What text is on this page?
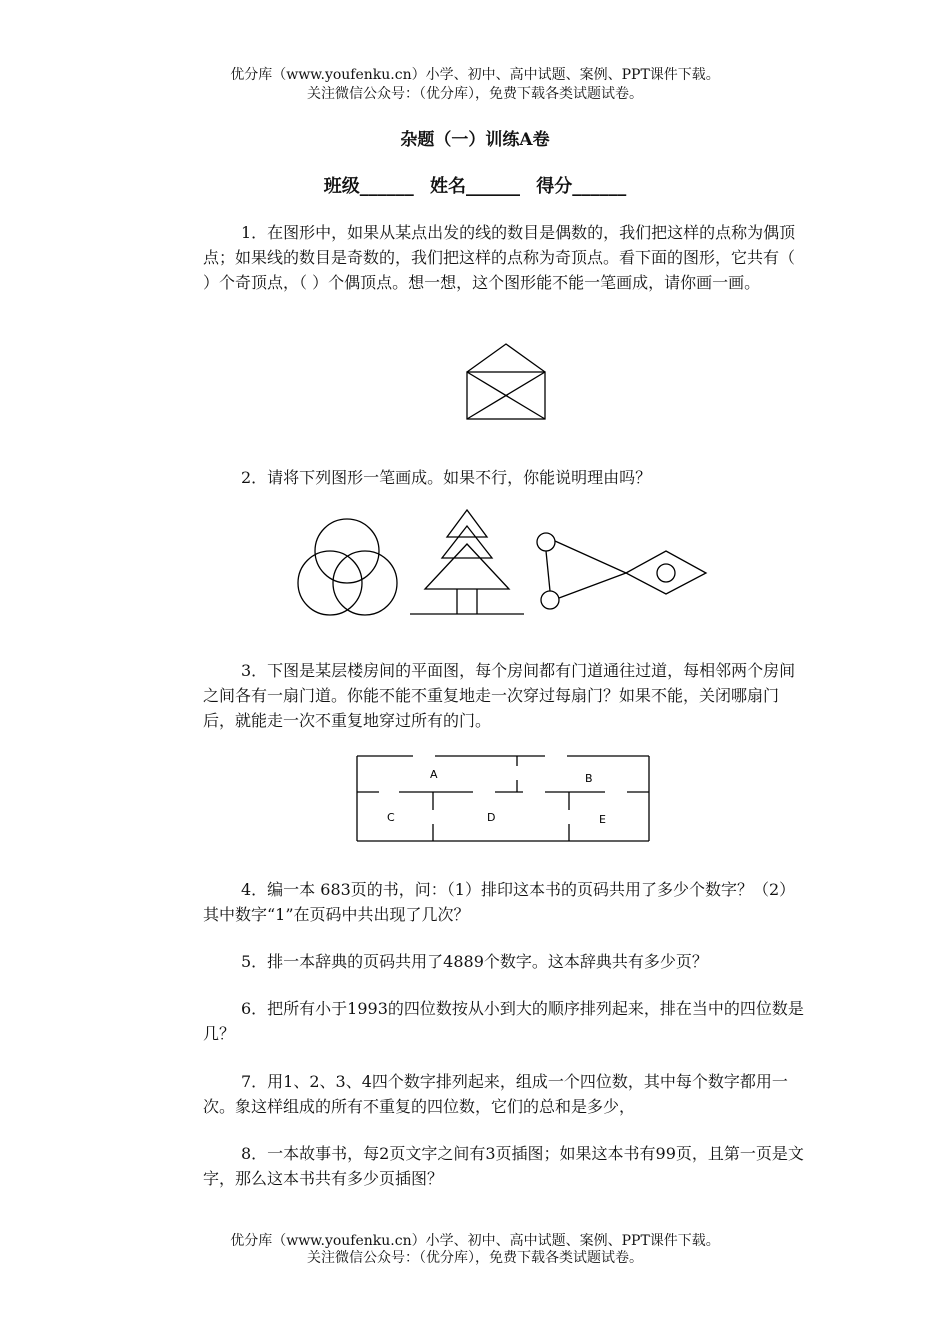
优分库（www.youfenku.cn）小学、初中、高中试题、案例、PPT课件下载。
关注微信公众号：（优分库），免费下载各类试题试卷。
杂题（一）训练A卷
班级______ 姓名______ 得分______

1．在图形中，如果从某点出发的线的数目是偶数的，我们把这样的点称为偶顶点；如果线的数目是奇数的，我们把这样的点称为奇顶点。看下面的图形，它共有（ ）个奇顶点，（ ）个偶顶点。想一想，这个图形能不能一笔画成，请你画一画。

2．请将下列图形一笔画成。如果不行，你能说明理由吗？

3．下图是某层楼房间的平面图，每个房间都有门道通往过道，每相邻两个房间之间各有一扇门道。你能不能不重复地走一次穿过每扇门？如果不能，关闭哪扇门后，就能走一次不重复地穿过所有的门。

A	B
C	D	E

4．编一本 683页的书，问：（1）排印这本书的页码共用了多少个数字？（2）其中数字“1”在页码中共出现了几次？

5．排一本辞典的页码共用了4889个数字。这本辞典共有多少页？

6．把所有小于1993的四位数按从小到大的顺序排列起来，排在当中的四位数是几？

7．用1、2、3、4四个数字排列起来，组成一个四位数，其中每个数字都用一次。象这样组成的所有不重复的四位数，它们的总和是多少，

8．一本故事书，每2页文字之间有3页插图；如果这本书有99页，且第一页是文字，那么这本书共有多少页插图？

优分库（www.youfenku.cn）小学、初中、高中试题、案例、PPT课件下载。
关注微信公众号：（优分库），免费下载各类试题试卷。
